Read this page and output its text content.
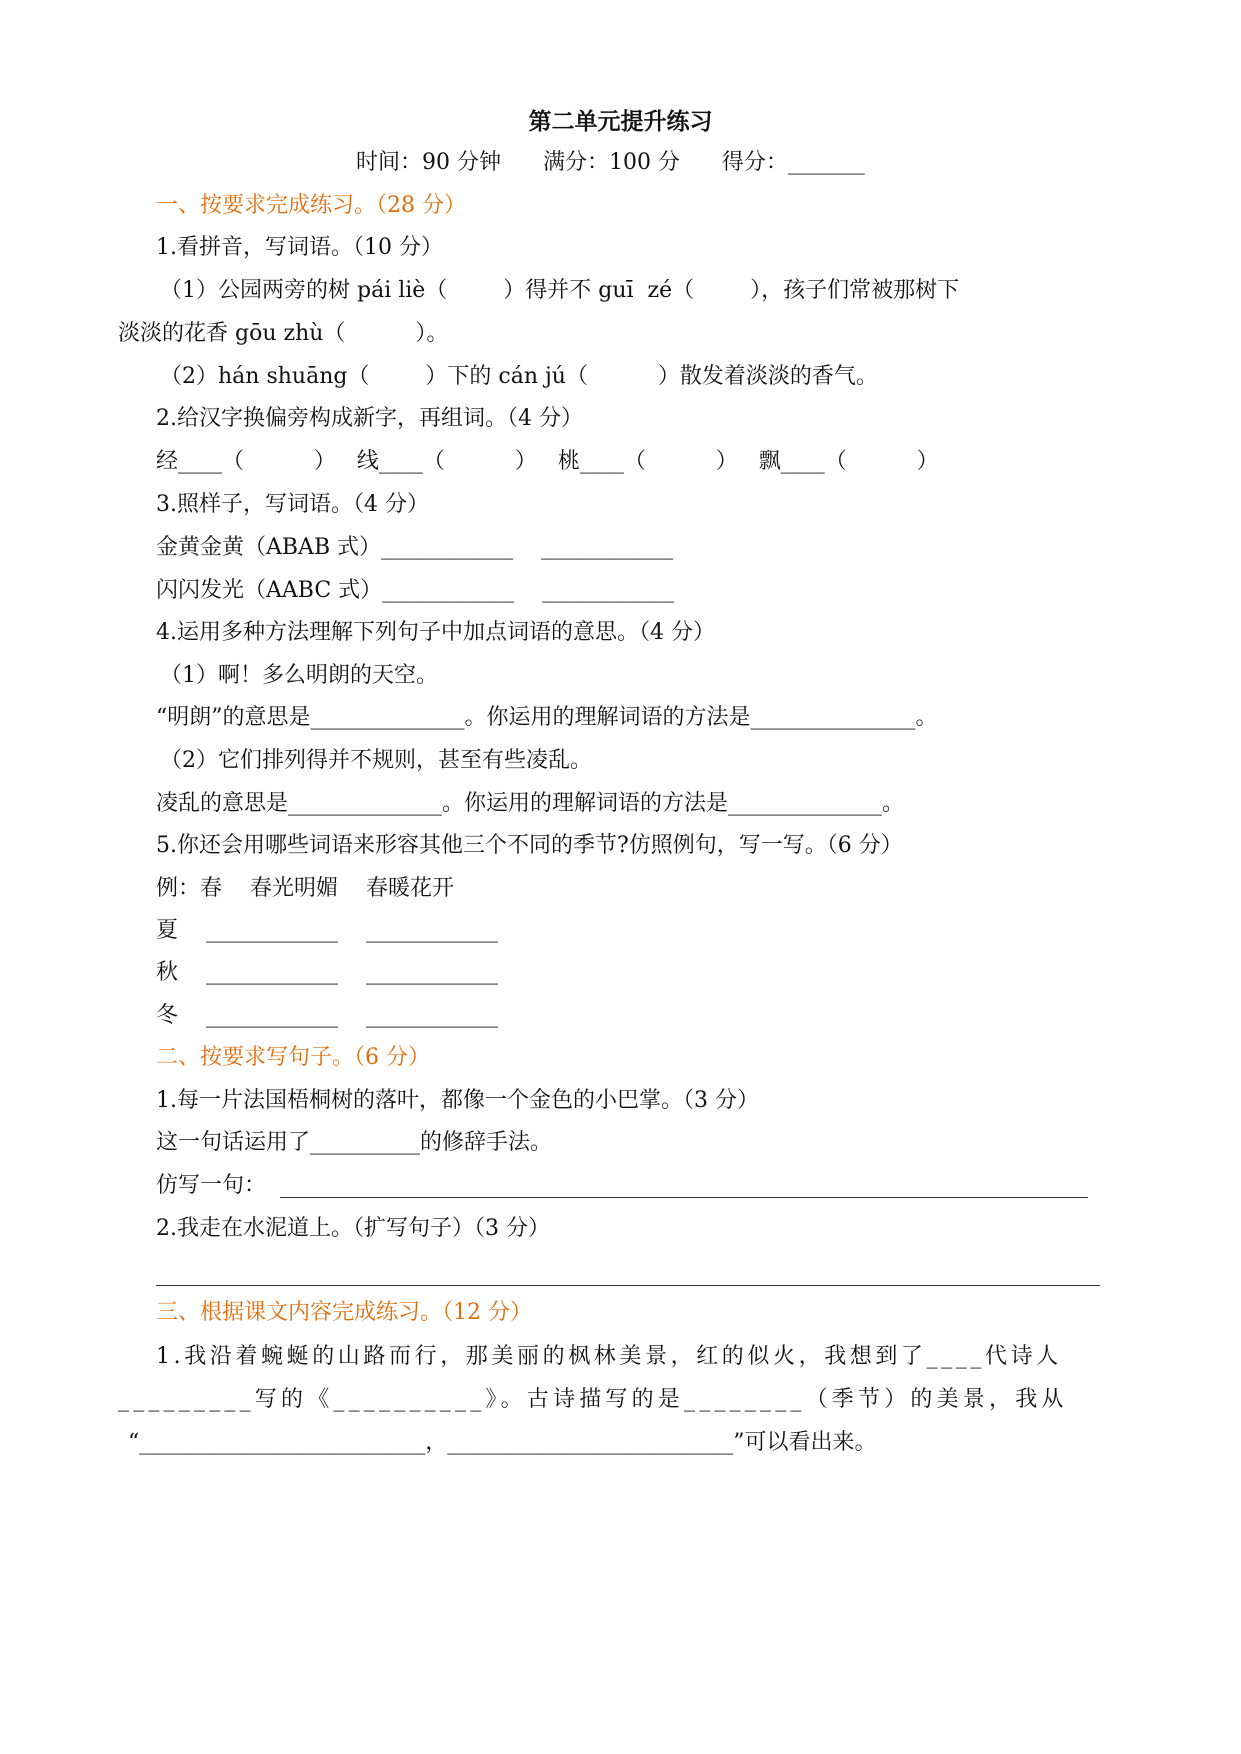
第二单元提升练习
时间：90 分钟      满分：100 分      得分：_______
一、按要求完成练习。（28 分）
1.看拼音，写词语。（10 分）
（1）公园两旁的树 pái liè（        ）得并不 guī  zé（        ），孩子们常被那树下
淡淡的花香 gōu zhù（          ）。
（2）hán shuāng（        ）下的 cán jú（          ）散发着淡淡的香气。
2.给汉字换偏旁构成新字，再组词。（4 分）
经____（          ）   线____（          ）   桃____（          ）   飘____（          ）
3.照样子，写词语。（4 分）
金黄金黄（ABAB 式）____________    ____________
闪闪发光（AABC 式）____________    ____________
4.运用多种方法理解下列句子中加点词语的意思。（4 分）
（1）啊！多么明朗的天空。
“明朗”的意思是______________。你运用的理解词语的方法是_______________。
（2）它们排列得并不规则，甚至有些凌乱。
凌乱的意思是______________。你运用的理解词语的方法是______________。
5.你还会用哪些词语来形容其他三个不同的季节?仿照例句，写一写。（6 分）
例：春    春光明媚    春暖花开
夏    ____________    ____________
秋    ____________    ____________
冬    ____________    ____________
二、按要求写句子。（6 分）
1.每一片法国梧桐树的落叶，都像一个金色的小巴掌。（3 分）
这一句话运用了__________的修辞手法。
仿写一句：
2.我走在水泥道上。（扩写句子）（3 分）
三、根据课文内容完成练习。（12 分）
1.我沿着蜿蜒的山路而行，那美丽的枫林美景，红的似火，我想到了____代诗人
_________写的《__________》。古诗描写的是________（季节）的美景，我从
“__________________________，__________________________”可以看出来。
